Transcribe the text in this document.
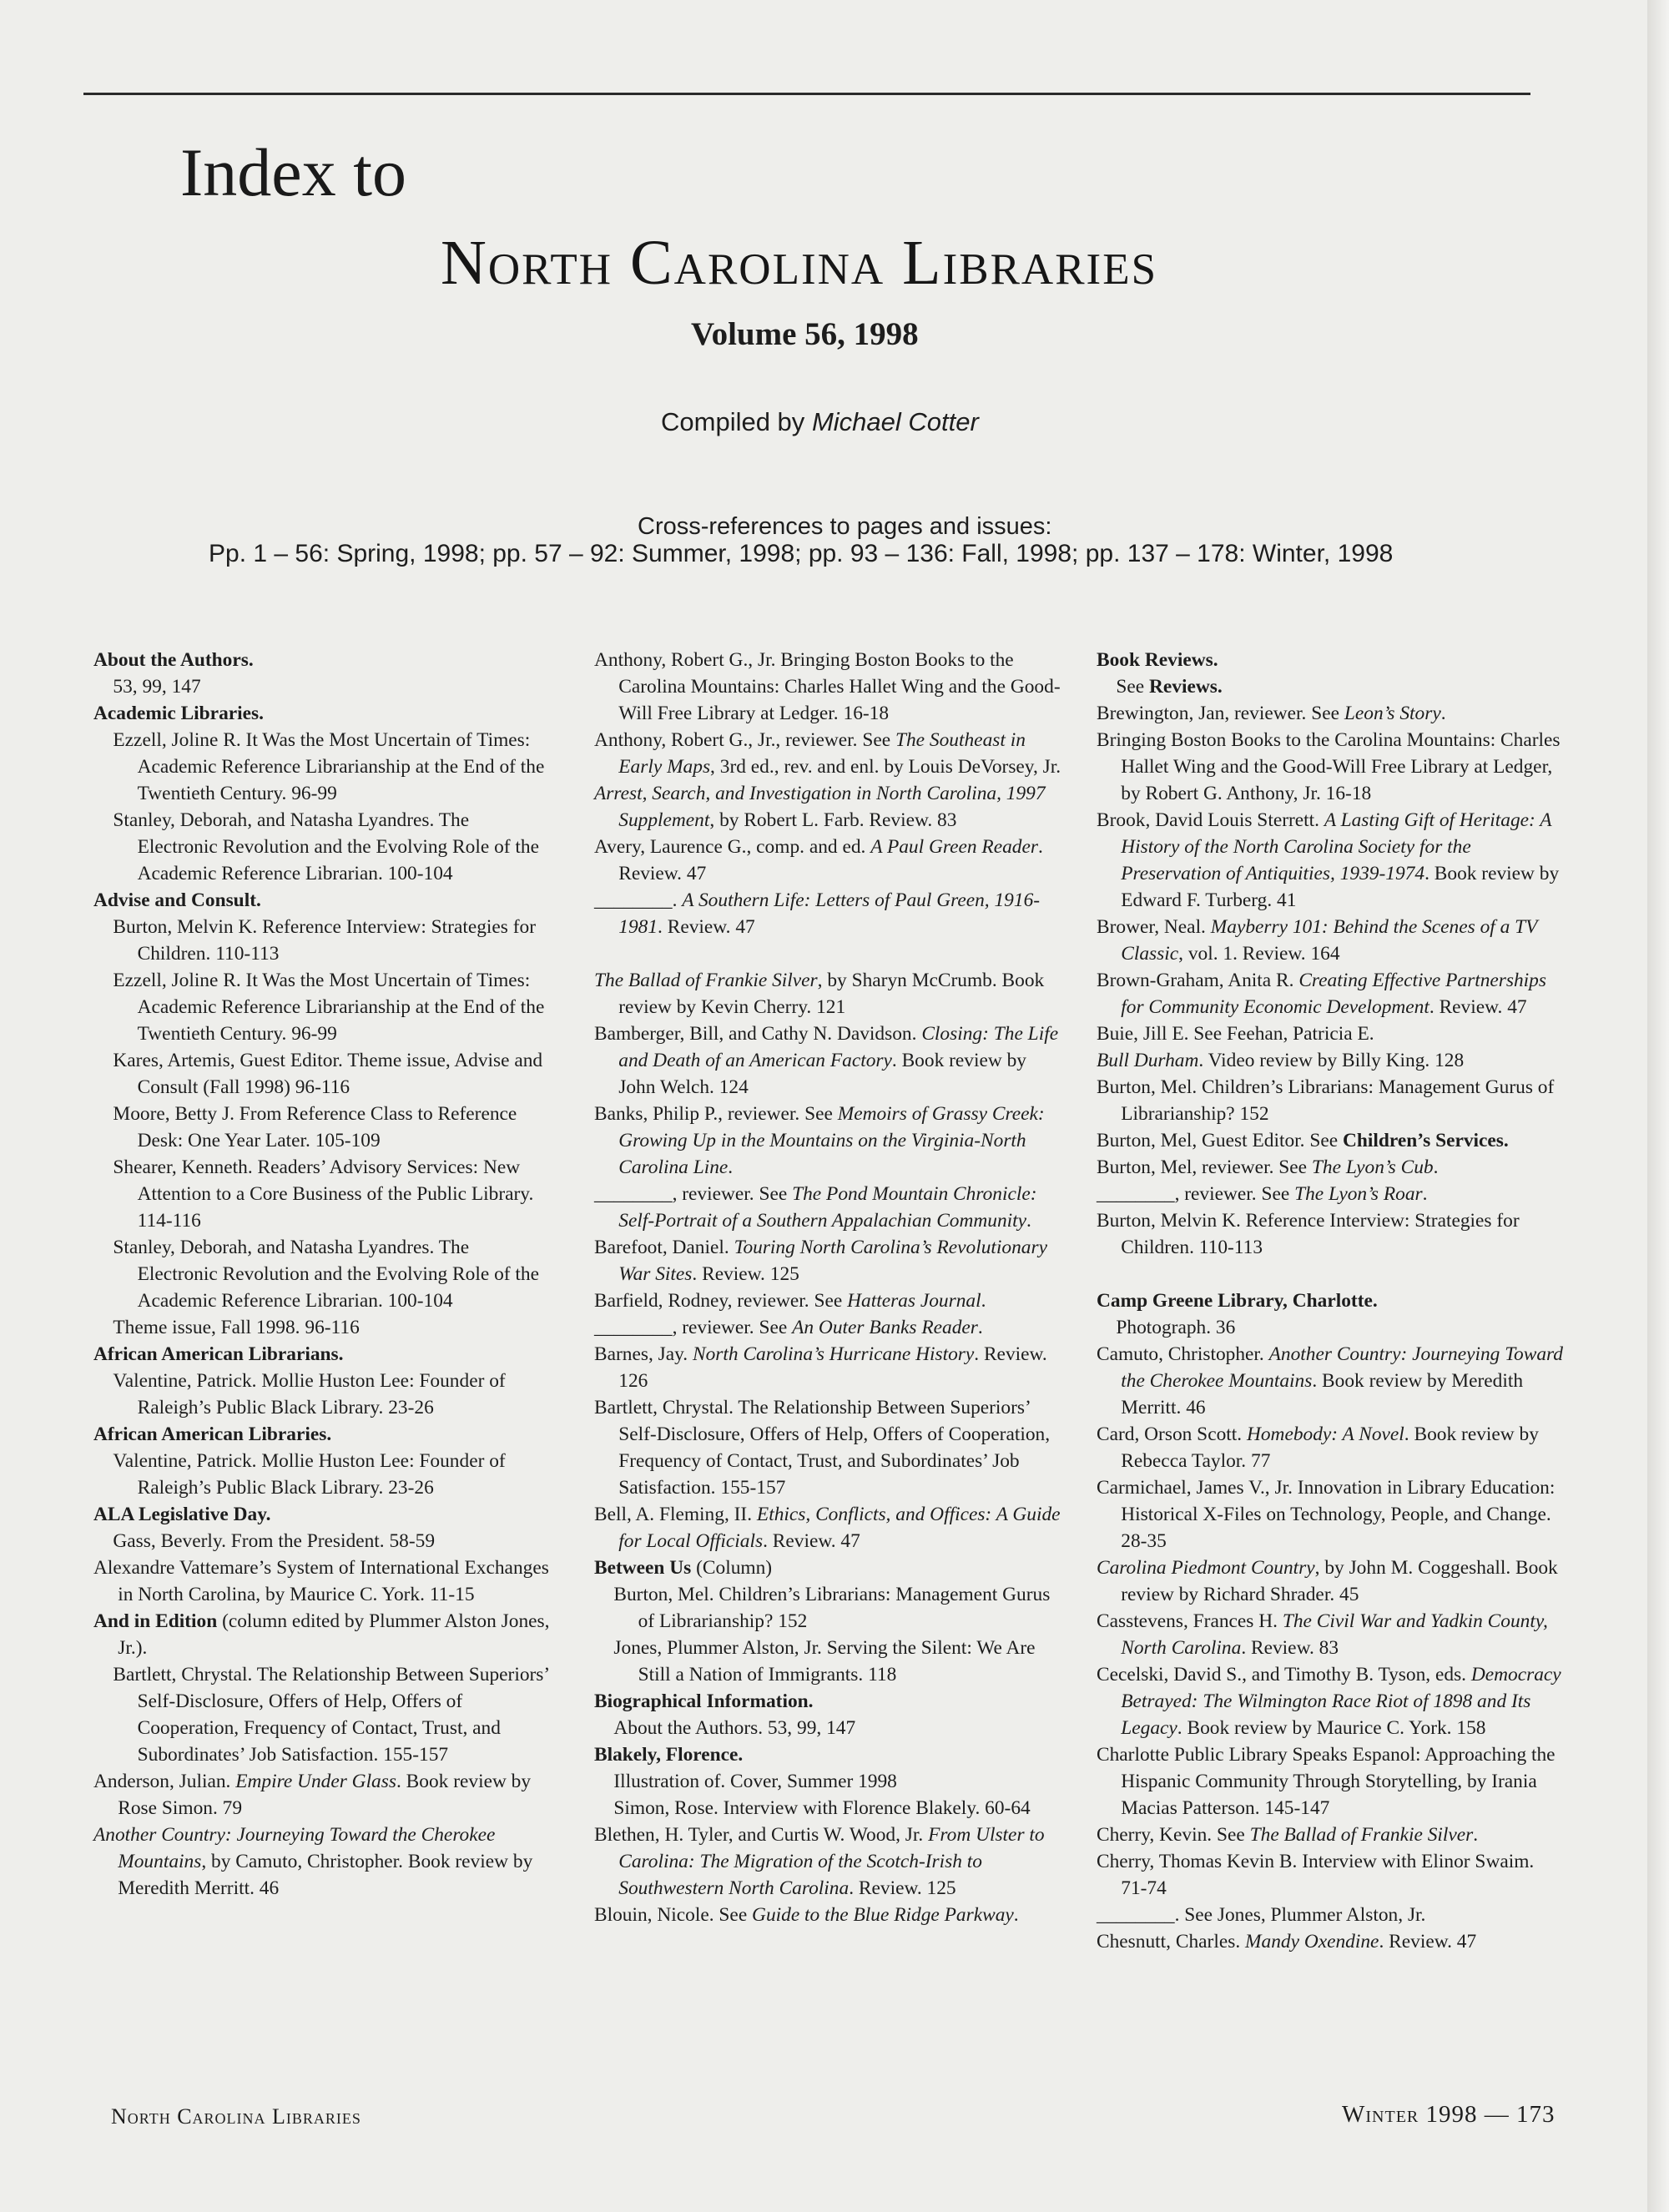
Index to
North Carolina Libraries
Volume 56, 1998
Compiled by Michael Cotter
Cross-references to pages and issues:
Pp. 1 – 56: Spring, 1998; pp. 57 – 92: Summer, 1998; pp. 93 – 136: Fall, 1998; pp. 137 – 178: Winter, 1998

About the Authors.

53, 99, 147

Academic Libraries.

Ezzell, Joline R. It Was the Most Uncertain of Times: Academic Reference Librarianship at the End of the Twentieth Century. 96-99

Stanley, Deborah, and Natasha Lyandres. The Electronic Revolution and the Evolving Role of the Academic Reference Librarian. 100-104

Advise and Consult.

Burton, Melvin K. Reference Interview: Strategies for Children. 110-113

Ezzell, Joline R. It Was the Most Uncertain of Times: Academic Reference Librarianship at the End of the Twentieth Century. 96-99

Kares, Artemis, Guest Editor. Theme issue, Advise and Consult (Fall 1998) 96-116

Moore, Betty J. From Reference Class to Reference Desk: One Year Later. 105-109

Shearer, Kenneth. Readers’ Advisory Services: New Attention to a Core Business of the Public Library. 114-116

Stanley, Deborah, and Natasha Lyandres. The Electronic Revolution and the Evolving Role of the Academic Reference Librarian. 100-104

Theme issue, Fall 1998. 96-116

African American Librarians.

Valentine, Patrick. Mollie Huston Lee: Founder of Raleigh’s Public Black Library. 23-26

African American Libraries.

Valentine, Patrick. Mollie Huston Lee: Founder of Raleigh’s Public Black Library. 23-26

ALA Legislative Day.

Gass, Beverly. From the President. 58-59

Alexandre Vattemare’s System of International Exchanges in North Carolina, by Maurice C. York. 11-15

And in Edition (column edited by Plummer Alston Jones, Jr.).

Bartlett, Chrystal. The Relationship Between Superiors’ Self-Disclosure, Offers of Help, Offers of Cooperation, Frequency of Contact, Trust, and Subordinates’ Job Satisfaction. 155-157

Anderson, Julian. Empire Under Glass. Book review by Rose Simon. 79

Another Country: Journeying Toward the Cherokee Mountains, by Camuto, Christopher. Book review by Meredith Merritt. 46

Anthony, Robert G., Jr. Bringing Boston Books to the Carolina Mountains: Charles Hallet Wing and the Good-Will Free Library at Ledger. 16-18

Anthony, Robert G., Jr., reviewer. See The Southeast in Early Maps, 3rd ed., rev. and enl. by Louis DeVorsey, Jr.

Arrest, Search, and Investigation in North Carolina, 1997 Supplement, by Robert L. Farb. Review. 83

Avery, Laurence G., comp. and ed. A Paul Green Reader. Review. 47

________. A Southern Life: Letters of Paul Green, 1916-1981. Review. 47

The Ballad of Frankie Silver, by Sharyn McCrumb. Book review by Kevin Cherry. 121

Bamberger, Bill, and Cathy N. Davidson. Closing: The Life and Death of an American Factory. Book review by John Welch. 124

Banks, Philip P., reviewer. See Memoirs of Grassy Creek: Growing Up in the Mountains on the Virginia-North Carolina Line.

________, reviewer. See The Pond Mountain Chronicle: Self-Portrait of a Southern Appalachian Community.

Barefoot, Daniel. Touring North Carolina’s Revolutionary War Sites. Review. 125

Barfield, Rodney, reviewer. See Hatteras Journal.

________, reviewer. See An Outer Banks Reader.

Barnes, Jay. North Carolina’s Hurricane History. Review. 126

Bartlett, Chrystal. The Relationship Between Superiors’ Self-Disclosure, Offers of Help, Offers of Cooperation, Frequency of Contact, Trust, and Subordinates’ Job Satisfaction. 155-157

Bell, A. Fleming, II. Ethics, Conflicts, and Offices: A Guide for Local Officials. Review. 47

Between Us (Column)

Burton, Mel. Children’s Librarians: Management Gurus of Librarianship? 152

Jones, Plummer Alston, Jr. Serving the Silent: We Are Still a Nation of Immigrants. 118

Biographical Information.

About the Authors. 53, 99, 147

Blakely, Florence.

Illustration of. Cover, Summer 1998

Simon, Rose. Interview with Florence Blakely. 60-64

Blethen, H. Tyler, and Curtis W. Wood, Jr. From Ulster to Carolina: The Migration of the Scotch-Irish to Southwestern North Carolina. Review. 125

Blouin, Nicole. See Guide to the Blue Ridge Parkway.

Book Reviews.

See Reviews.

Brewington, Jan, reviewer. See Leon’s Story.

Bringing Boston Books to the Carolina Mountains: Charles Hallet Wing and the Good-Will Free Library at Ledger, by Robert G. Anthony, Jr. 16-18

Brook, David Louis Sterrett. A Lasting Gift of Heritage: A History of the North Carolina Society for the Preservation of Antiquities, 1939-1974. Book review by Edward F. Turberg. 41

Brower, Neal. Mayberry 101: Behind the Scenes of a TV Classic, vol. 1. Review. 164

Brown-Graham, Anita R. Creating Effective Partnerships for Community Economic Development. Review. 47

Buie, Jill E. See Feehan, Patricia E.

Bull Durham. Video review by Billy King. 128

Burton, Mel. Children’s Librarians: Management Gurus of Librarianship? 152

Burton, Mel, Guest Editor. See Children’s Services.

Burton, Mel, reviewer. See The Lyon’s Cub.

________, reviewer. See The Lyon’s Roar.

Burton, Melvin K. Reference Interview: Strategies for Children. 110-113

Camp Greene Library, Charlotte.

Photograph. 36

Camuto, Christopher. Another Country: Journeying Toward the Cherokee Mountains. Book review by Meredith Merritt. 46

Card, Orson Scott. Homebody: A Novel. Book review by Rebecca Taylor. 77

Carmichael, James V., Jr. Innovation in Library Education: Historical X-Files on Technology, People, and Change. 28-35

Carolina Piedmont Country, by John M. Coggeshall. Book review by Richard Shrader. 45

Casstevens, Frances H. The Civil War and Yadkin County, North Carolina. Review. 83

Cecelski, David S., and Timothy B. Tyson, eds. Democracy Betrayed: The Wilmington Race Riot of 1898 and Its Legacy. Book review by Maurice C. York. 158

Charlotte Public Library Speaks Espanol: Approaching the Hispanic Community Through Storytelling, by Irania Macias Patterson. 145-147

Cherry, Kevin. See The Ballad of Frankie Silver.

Cherry, Thomas Kevin B. Interview with Elinor Swaim. 71-74

________. See Jones, Plummer Alston, Jr.

Chesnutt, Charles. Mandy Oxendine. Review. 47

North Carolina Libraries	Winter 1998 — 173
